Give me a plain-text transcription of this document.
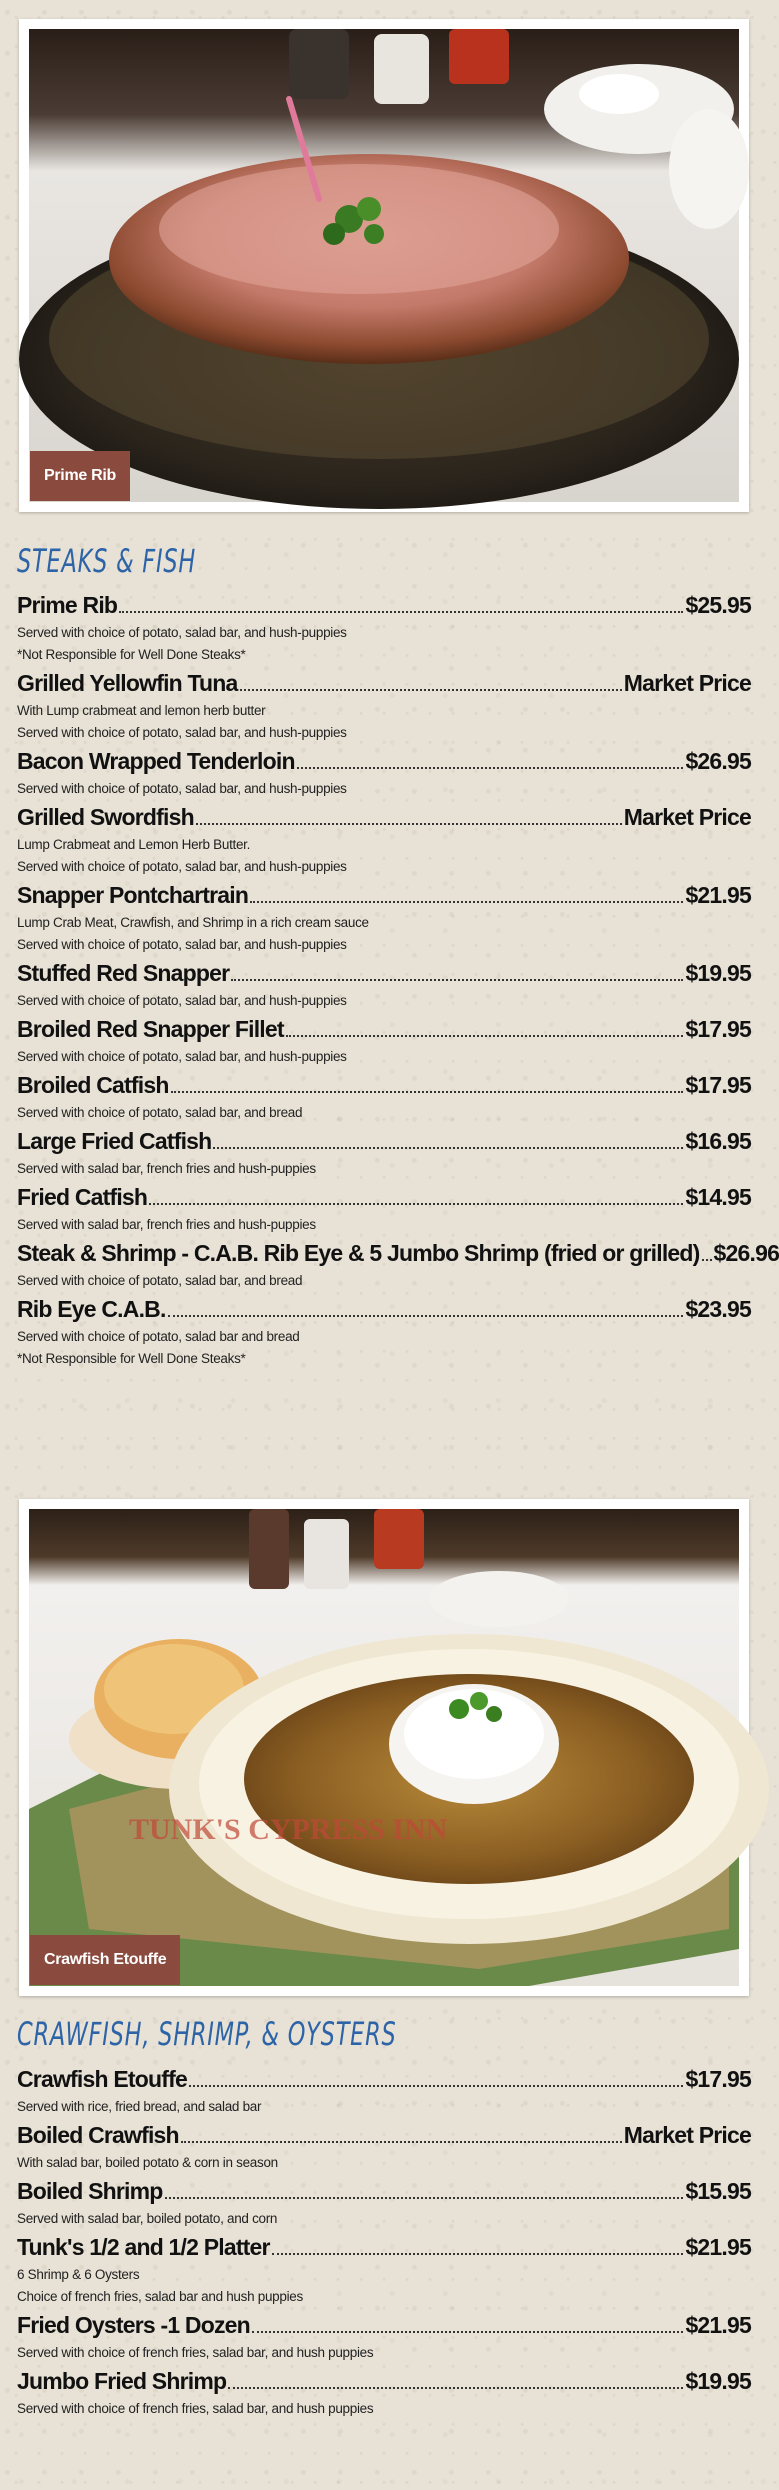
Prime Rib
STEAKS & FISH
Prime Rib	$25.95
Served with choice of potato, salad bar, and hush-puppies
*Not Responsible for Well Done Steaks*
Grilled Yellowfin Tuna	Market Price
With Lump crabmeat and lemon herb butter
Served with choice of potato, salad bar, and hush-puppies
Bacon Wrapped Tenderloin	$26.95
Served with choice of potato, salad bar, and hush-puppies
Grilled Swordfish	Market Price
Lump Crabmeat and Lemon Herb Butter.
Served with choice of potato, salad bar, and hush-puppies
Snapper Pontchartrain	$21.95
Lump Crab Meat, Crawfish, and Shrimp in a rich cream sauce
Served with choice of potato, salad bar, and hush-puppies
Stuffed Red Snapper	$19.95
Served with choice of potato, salad bar, and hush-puppies
Broiled Red Snapper Fillet	$17.95
Served with choice of potato, salad bar, and hush-puppies
Broiled Catfish	$17.95
Served with choice of potato, salad bar, and bread
Large Fried Catfish	$16.95
Served with salad bar, french fries and hush-puppies
Fried Catfish	$14.95
Served with salad bar, french fries and hush-puppies
Steak & Shrimp - C.A.B. Rib Eye & 5 Jumbo Shrimp (fried or grilled) $26.96
Served with choice of potato, salad bar, and bread
Rib Eye C.A.B.	$23.95
Served with choice of potato, salad bar and bread
*Not Responsible for Well Done Steaks*
TUNK'S CYPRESS INN
Crawfish Etouffe
CRAWFISH, SHRIMP, & OYSTERS
Crawfish Etouffe	$17.95
Served with rice, fried bread, and salad bar
Boiled Crawfish	Market Price
With salad bar, boiled potato & corn in season
Boiled Shrimp	$15.95
Served with salad bar, boiled potato, and corn
Tunk's 1/2 and 1/2 Platter	$21.95
6 Shrimp & 6 Oysters
Choice of french fries, salad bar and hush puppies
Fried Oysters -1 Dozen	$21.95
Served with choice of french fries, salad bar, and hush puppies
Jumbo Fried Shrimp	$19.95
Served with choice of french fries, salad bar, and hush puppies
